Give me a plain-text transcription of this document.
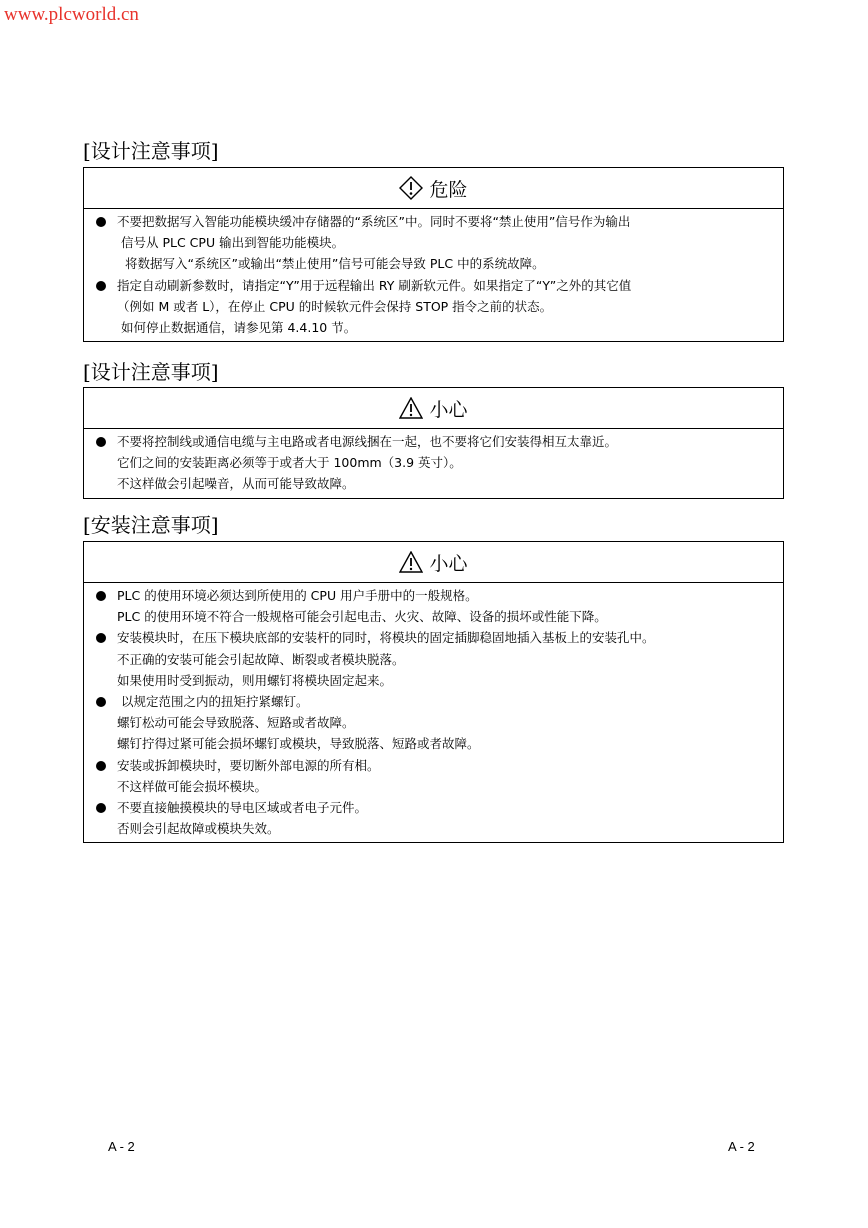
www.plcworld.cn
[设计注意事项]
危险
不要把数据写入智能功能模块缓冲存储器的“系统区”中。同时不要将“禁止使用”信号作为输出
信号从 PLC CPU 输出到智能功能模块。
将数据写入“系统区”或输出“禁止使用”信号可能会导致 PLC 中的系统故障。
指定自动刷新参数时，请指定“Y”用于远程输出 RY 刷新软元件。如果指定了“Y”之外的其它值
（例如 M 或者 L），在停止 CPU 的时候软元件会保持 STOP 指令之前的状态。
如何停止数据通信，请参见第 4.4.10 节。
[设计注意事项]
小心
不要将控制线或通信电缆与主电路或者电源线捆在一起，也不要将它们安装得相互太靠近。
它们之间的安装距离必须等于或者大于 100mm（3.9 英寸）。
不这样做会引起噪音，从而可能导致故障。
[安装注意事项]
小心
PLC 的使用环境必须达到所使用的 CPU 用户手册中的一般规格。
PLC 的使用环境不符合一般规格可能会引起电击、火灾、故障、设备的损坏或性能下降。
安装模块时，在压下模块底部的安装杆的同时，将模块的固定插脚稳固地插入基板上的安装孔中。
不正确的安装可能会引起故障、断裂或者模块脱落。
如果使用时受到振动，则用螺钉将模块固定起来。
以规定范围之内的扭矩拧紧螺钉。
螺钉松动可能会导致脱落、短路或者故障。
螺钉拧得过紧可能会损坏螺钉或模块，导致脱落、短路或者故障。
安装或拆卸模块时，要切断外部电源的所有相。
不这样做可能会损坏模块。
不要直接触摸模块的导电区域或者电子元件。
否则会引起故障或模块失效。
A - 2	A - 2
